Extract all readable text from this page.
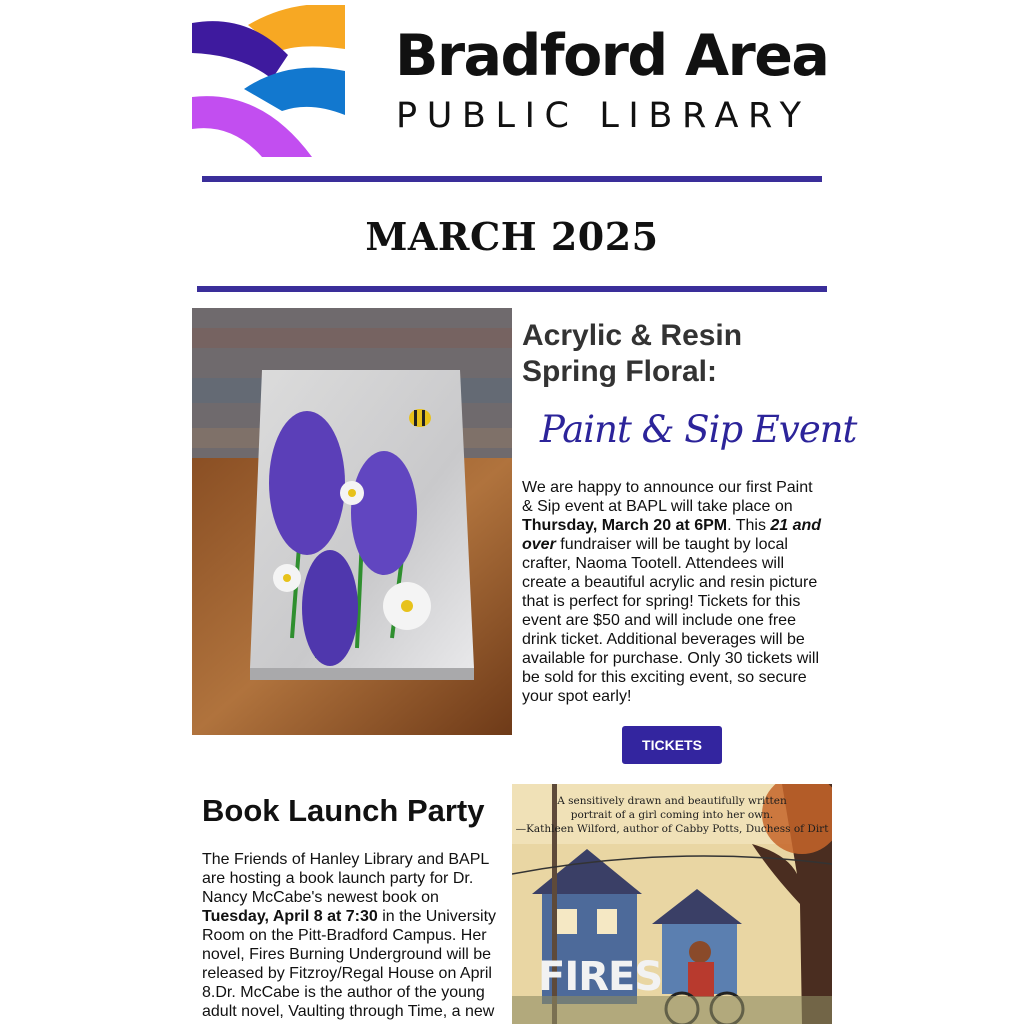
Bradford Area
PUBLIC LIBRARY
MARCH 2025
Acrylic & Resin
Spring Floral:
Paint & Sip Event
We are happy to announce our first Paint & Sip event at BAPL will take place on Thursday, March 20 at 6PM. This 21 and over fundraiser will be taught by local crafter, Naoma Tootell. Attendees will create a beautiful acrylic and resin picture that is perfect for spring! Tickets for this event are $50 and will include one free drink ticket. Additional beverages will be available for purchase. Only 30 tickets will be sold for this exciting event, so secure your spot early!
TICKETS
Book Launch Party
The Friends of Hanley Library and BAPL are hosting a book launch party for Dr. Nancy McCabe's newest book on Tuesday, April 8 at 7:30 in the University Room on the Pitt-Bradford Campus. Her novel, Fires Burning Underground will be released by Fitzroy/Regal House on April 8.Dr. McCabe is the author of the young adult novel, Vaulting through Time, a new
A sensitively drawn and beautifully written
portrait of a girl coming into her own.
—Kathleen Wilford, author of Cabby Potts, Duchess of Dirt
FIRES
